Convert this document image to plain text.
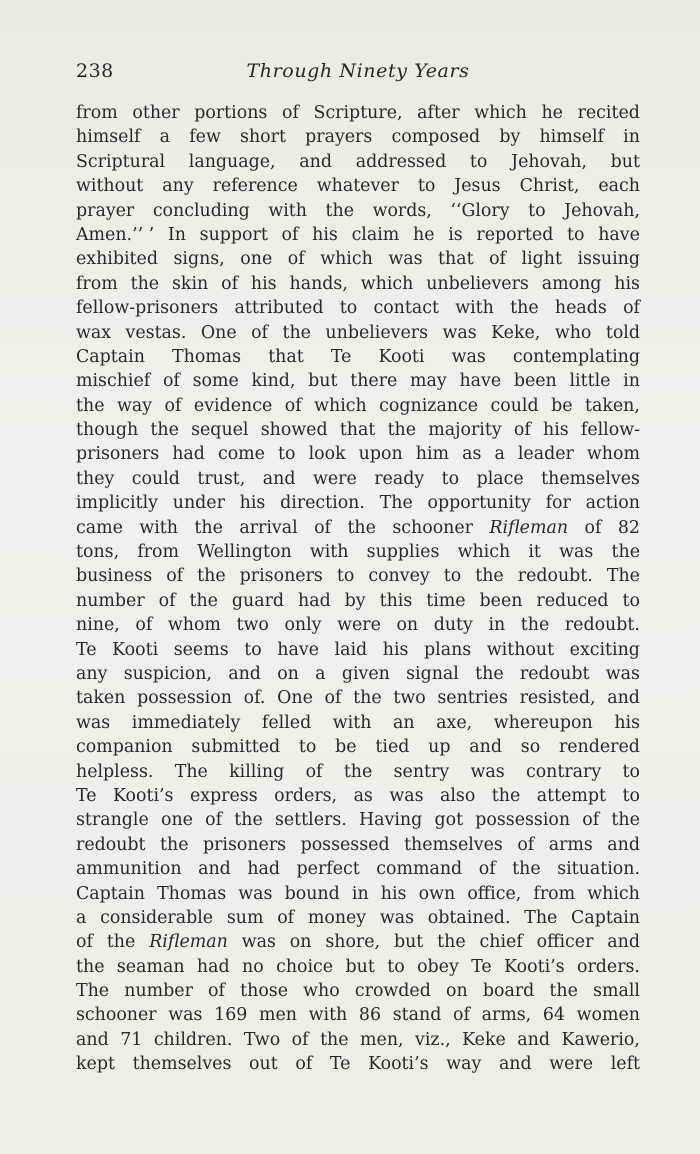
238	Through Ninety Years
from other portions of Scripture, after which he recited
himself a few short prayers composed by himself in
Scriptural language, and addressed to Jehovah, but
without any reference whatever to Jesus Christ, each
prayer concluding with the words, ‘‘Glory to Jehovah,
Amen.’’ ’ In support of his claim he is reported to have
exhibited signs, one of which was that of light issuing
from the skin of his hands, which unbelievers among his
fellow-prisoners attributed to contact with the heads of
wax vestas. One of the unbelievers was Keke, who told
Captain Thomas that Te Kooti was contemplating
mischief of some kind, but there may have been little in
the way of evidence of which cognizance could be taken,
though the sequel showed that the majority of his fellow-
prisoners had come to look upon him as a leader whom
they could trust, and were ready to place themselves
implicitly under his direction. The opportunity for action
came with the arrival of the schooner Rifleman of 82
tons, from Wellington with supplies which it was the
business of the prisoners to convey to the redoubt. The
number of the guard had by this time been reduced to
nine, of whom two only were on duty in the redoubt.
Te Kooti seems to have laid his plans without exciting
any suspicion, and on a given signal the redoubt was
taken possession of. One of the two sentries resisted, and
was immediately felled with an axe, whereupon his
companion submitted to be tied up and so rendered
helpless. The killing of the sentry was contrary to
Te Kooti’s express orders, as was also the attempt to
strangle one of the settlers. Having got possession of the
redoubt the prisoners possessed themselves of arms and
ammunition and had perfect command of the situation.
Captain Thomas was bound in his own office, from which
a considerable sum of money was obtained. The Captain
of the Rifleman was on shore, but the chief officer and
the seaman had no choice but to obey Te Kooti’s orders.
The number of those who crowded on board the small
schooner was 169 men with 86 stand of arms, 64 women
and 71 children. Two of the men, viz., Keke and Kawerio,
kept themselves out of Te Kooti’s way and were left
